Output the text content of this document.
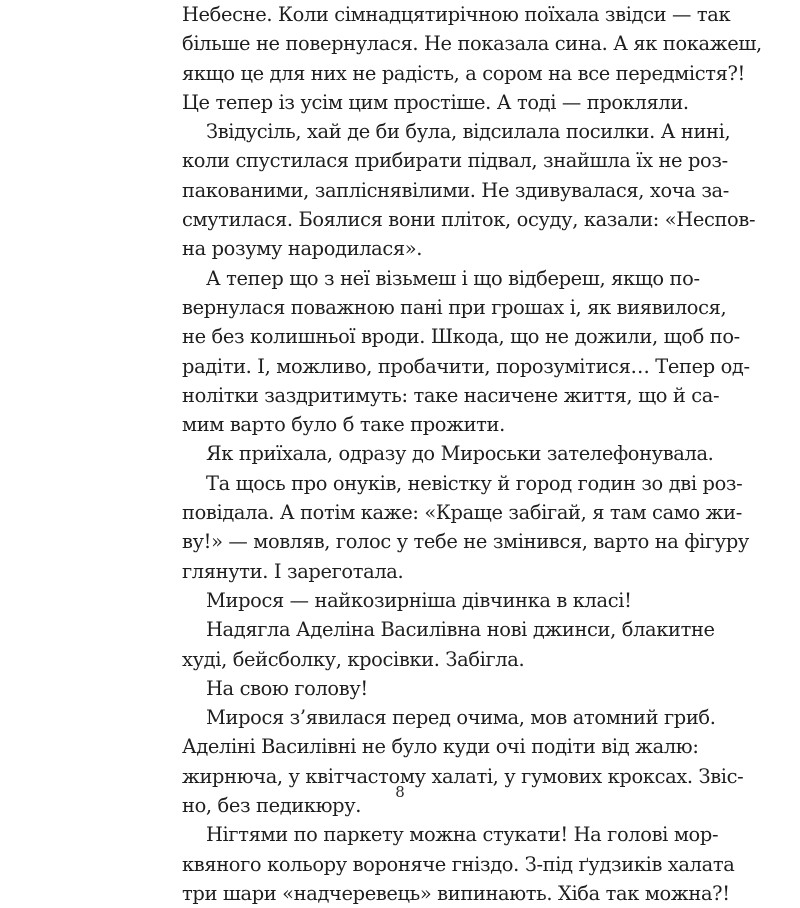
Небесне. Коли сімнадцятирічною поїхала звідси — так
більше не повернулася. Не показала сина. А як покажеш,
якщо це для них не радість, а сором на все передмістя?!
Це тепер із усім цим простіше. А тоді — прокляли.
Звідусіль, хай де би була, відсилала посилки. А нині,
коли спустилася прибирати підвал, знайшла їх не роз-
пакованими, запліснявілими. Не здивувалася, хоча за-
смутилася. Боялися вони пліток, осуду, казали: «Неспов-
на розуму народилася».
А тепер що з неї візьмеш і що відбереш, якщо по-
вернулася поважною пані при грошах і, як виявилося,
не без колишньої вроди. Шкода, що не дожили, щоб по-
радіти. І, можливо, пробачити, порозумітися… Тепер од-
нолітки заздритимуть: таке насичене життя, що й са-
мим варто було б таке прожити.
Як приїхала, одразу до Мироськи зателефонувала.
Та щось про онуків, невістку й город годин зо дві роз-
повідала. А потім каже: «Краще забігай, я там само жи-
ву!» — мовляв, голос у тебе не змінився, варто на фігуру
глянути. І зареготала.
Мирося — найкозирніша дівчинка в класі!
Надягла Аделіна Василівна нові джинси, блакитне
худі, бейсболку, кросівки. Забігла.
На свою голову!
Мирося з’явилася перед очима, мов атомний гриб.
Аделіні Василівні не було куди очі подіти від жалю:
жирнюча, у квітчастому халаті, у гумових кроксах. Звіс-
но, без педикюру.
Нігтями по паркету можна стукати! На голові мор-
квяного кольору вороняче гніздо. З-під ґудзиків халата
три шари «надчеревець» випинають. Хіба так можна?!
8
